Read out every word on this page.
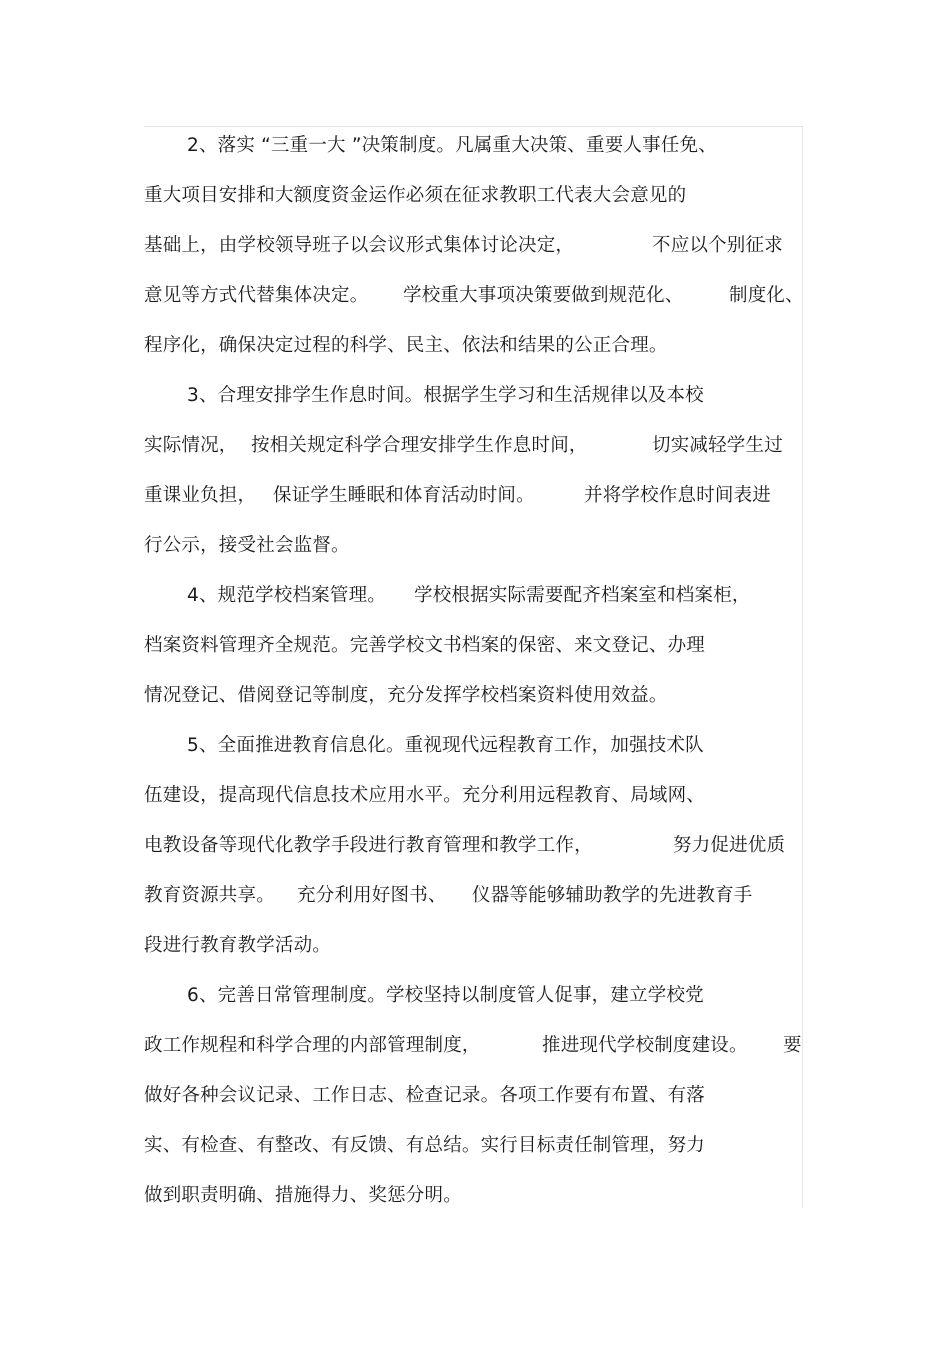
2、落实 “三重一大 ”决策制度。凡属重大决策、重要人事任免、
重大项目安排和大额度资金运作必须在征求教职工代表大会意见的
基础上，由学校领导班子以会议形式集体讨论决定，	不应以个别征求
意见等方式代替集体决定。 学校重大事项决策要做到规范化、 制度化、
程序化，确保决定过程的科学、民主、依法和结果的公正合理。
3、合理安排学生作息时间。根据学生学习和生活规律以及本校
实际情况， 按相关规定科学合理安排学生作息时间，	切实减轻学生过
重课业负担， 保证学生睡眠和体育活动时间。	并将学校作息时间表进
行公示，接受社会监督。
4、规范学校档案管理。 学校根据实际需要配齐档案室和档案柜，
档案资料管理齐全规范。完善学校文书档案的保密、来文登记、办理
情况登记、借阅登记等制度，充分发挥学校档案资料使用效益。
5、全面推进教育信息化。重视现代远程教育工作，加强技术队
伍建设，提高现代信息技术应用水平。充分利用远程教育、局域网、
电教设备等现代化教学手段进行教育管理和教学工作，	努力促进优质
教育资源共享。 充分利用好图书、 仪器等能够辅助教学的先进教育手
段进行教育教学活动。
6、完善日常管理制度。学校坚持以制度管人促事，建立学校党
政工作规程和科学合理的内部管理制度，	推进现代学校制度建设。 要
做好各种会议记录、工作日志、检查记录。各项工作要有布置、有落
实、有检查、有整改、有反馈、有总结。实行目标责任制管理，努力
做到职责明确、措施得力、奖惩分明。
